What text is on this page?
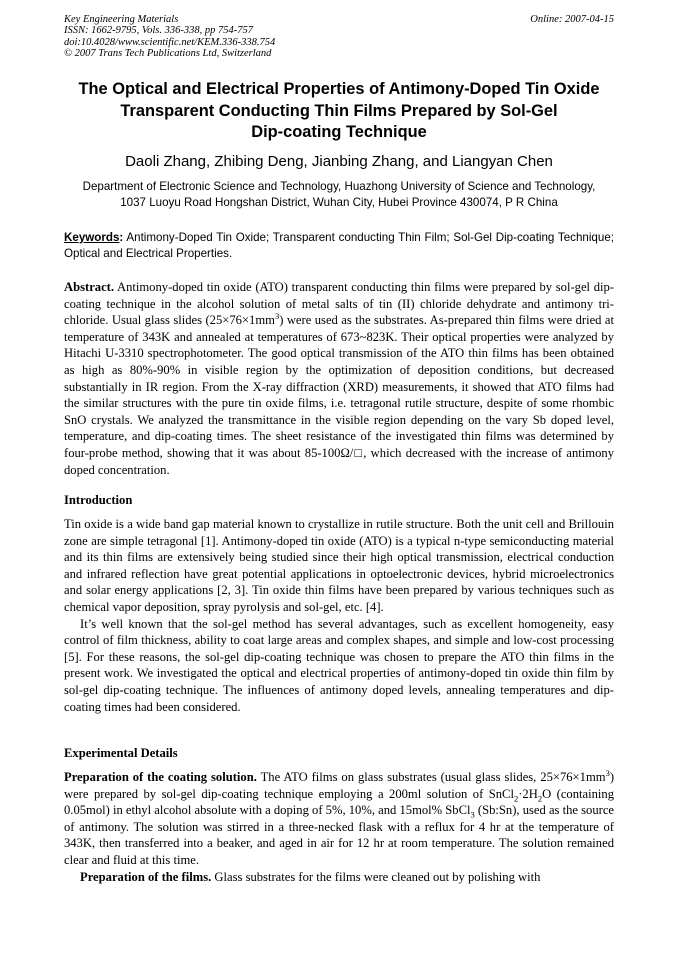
Key Engineering Materials
ISSN: 1662-9795, Vols. 336-338, pp 754-757
doi:10.4028/www.scientific.net/KEM.336-338.754
© 2007 Trans Tech Publications Ltd, Switzerland
Online: 2007-04-15
The Optical and Electrical Properties of Antimony-Doped Tin Oxide
Transparent Conducting Thin Films Prepared by Sol-Gel
Dip-coating Technique
Daoli Zhang, Zhibing Deng, Jianbing Zhang, and Liangyan Chen
Department of Electronic Science and Technology, Huazhong University of Science and Technology,
1037 Luoyu Road Hongshan District, Wuhan City, Hubei Province 430074, P R China
Keywords: Antimony-Doped Tin Oxide; Transparent conducting Thin Film; Sol-Gel Dip-coating Technique; Optical and Electrical Properties.
Abstract. Antimony-doped tin oxide (ATO) transparent conducting thin films were prepared by sol-gel dip-coating technique in the alcohol solution of metal salts of tin (II) chloride dehydrate and antimony tri-chloride. Usual glass slides $(25\times 76\times 1mm^3)$ were used as the substrates. As-prepared thin films were dried at temperature of 343K and annealed at temperatures of 673~823K. Their optical properties were analyzed by Hitachi U-3310 spectrophotometer. The good optical transmission of the ATO thin films has been obtained as high as 80%-90% in visible region by the optimization of deposition conditions, but decreased substantially in IR region. From the X-ray diffraction (XRD) measurements, it showed that ATO films had the similar structures with the pure tin oxide films, i.e. tetragonal rutile structure, despite of some rhombic SnO crystals. We analyzed the transmittance in the visible region depending on the vary Sb doped level, temperature, and dip-coating times. The sheet resistance of the investigated thin films was determined by four-probe method, showing that it was about 85-100Ω/□, which decreased with the increase of antimony doped concentration.
Introduction

Tin oxide is a wide band gap material known to crystallize in rutile structure. Both the unit cell and Brillouin zone are simple tetragonal [1]. Antimony-doped tin oxide (ATO) is a typical n-type semiconducting material and its thin films are extensively being studied since their high optical transmission, electrical conduction and infrared reflection have great potential applications in optoelectronic devices, hybrid microelectronics and solar energy applications [2, 3]. Tin oxide thin films have been prepared by various techniques such as chemical vapor deposition, spray pyrolysis and sol-gel, etc. [4].

It’s well known that the sol-gel method has several advantages, such as excellent homogeneity, easy control of film thickness, ability to coat large areas and complex shapes, and simple and low-cost processing [5]. For these reasons, the sol-gel dip-coating technique was chosen to prepare the ATO thin films in the present work. We investigated the optical and electrical properties of antimony-doped tin oxide thin film by sol-gel dip-coating technique. The influences of antimony doped levels, annealing temperatures and dip-coating times had been considered.

Experimental Details

Preparation of the coating solution. The ATO films on glass substrates (usual glass slides, $25\times 76\times 1mm^3$) were prepared by sol-gel dip-coating technique employing a 200ml solution of $SnCl_2\cdot 2H_2O$ (containing 0.05mol) in ethyl alcohol absolute with a doping of 5%, 10%, and 15mol% SbCl$_3$ (Sb:Sn), used as the source of antimony. The solution was stirred in a three-necked flask with a reflux for 4 hr at the temperature of 343K, then transferred into a beaker, and aged in air for 12 hr at room temperature. The solution remained clear and fluid at this time.

Preparation of the films. Glass substrates for the films were cleaned out by polishing with
